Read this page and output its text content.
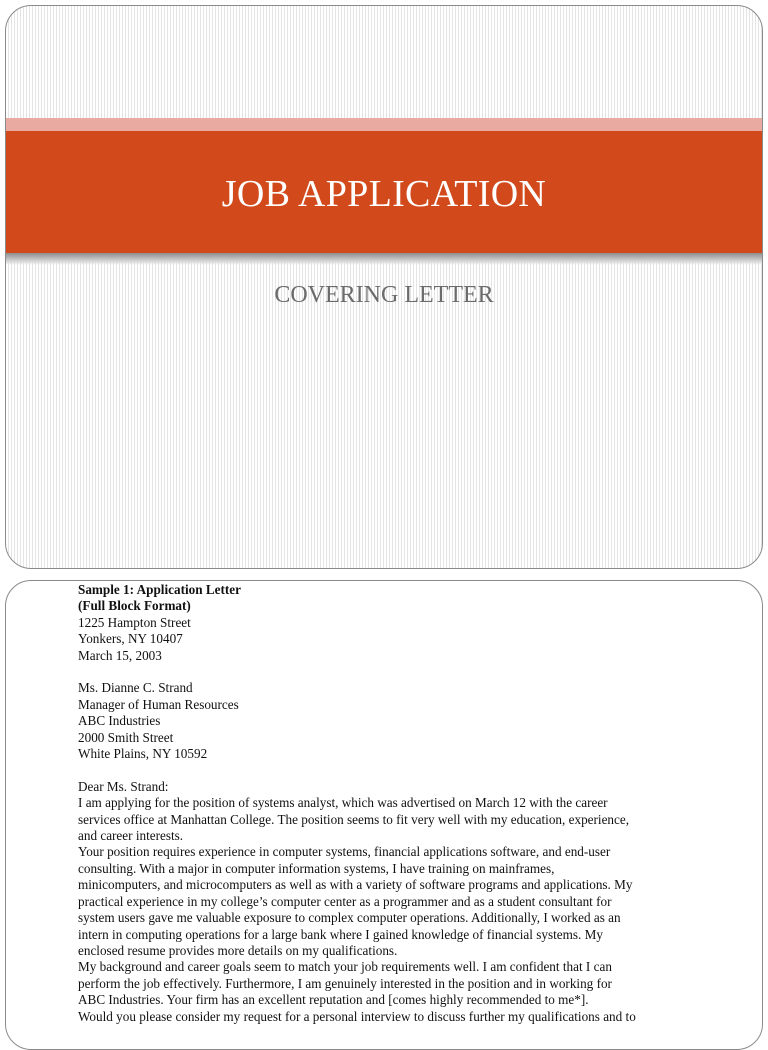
JOB APPLICATION
COVERING LETTER
Sample 1: Application Letter
(Full Block Format)
1225 Hampton Street
Yonkers, NY 10407
March 15, 2003
Ms. Dianne C. Strand
Manager of Human Resources
ABC Industries
2000 Smith Street
White Plains, NY 10592
Dear Ms. Strand:
I am applying for the position of systems analyst, which was advertised on March 12 with the career
services office at Manhattan College. The position seems to fit very well with my education, experience,
and career interests.
Your position requires experience in computer systems, financial applications software, and end-user
consulting. With a major in computer information systems, I have training on mainframes,
minicomputers, and microcomputers as well as with a variety of software programs and applications. My
practical experience in my college’s computer center as a programmer and as a student consultant for
system users gave me valuable exposure to complex computer operations. Additionally, I worked as an
intern in computing operations for a large bank where I gained knowledge of financial systems. My
enclosed resume provides more details on my qualifications.
My background and career goals seem to match your job requirements well. I am confident that I can
perform the job effectively. Furthermore, I am genuinely interested in the position and in working for
ABC Industries. Your firm has an excellent reputation and [comes highly recommended to me*].
Would you please consider my request for a personal interview to discuss further my qualifications and to
